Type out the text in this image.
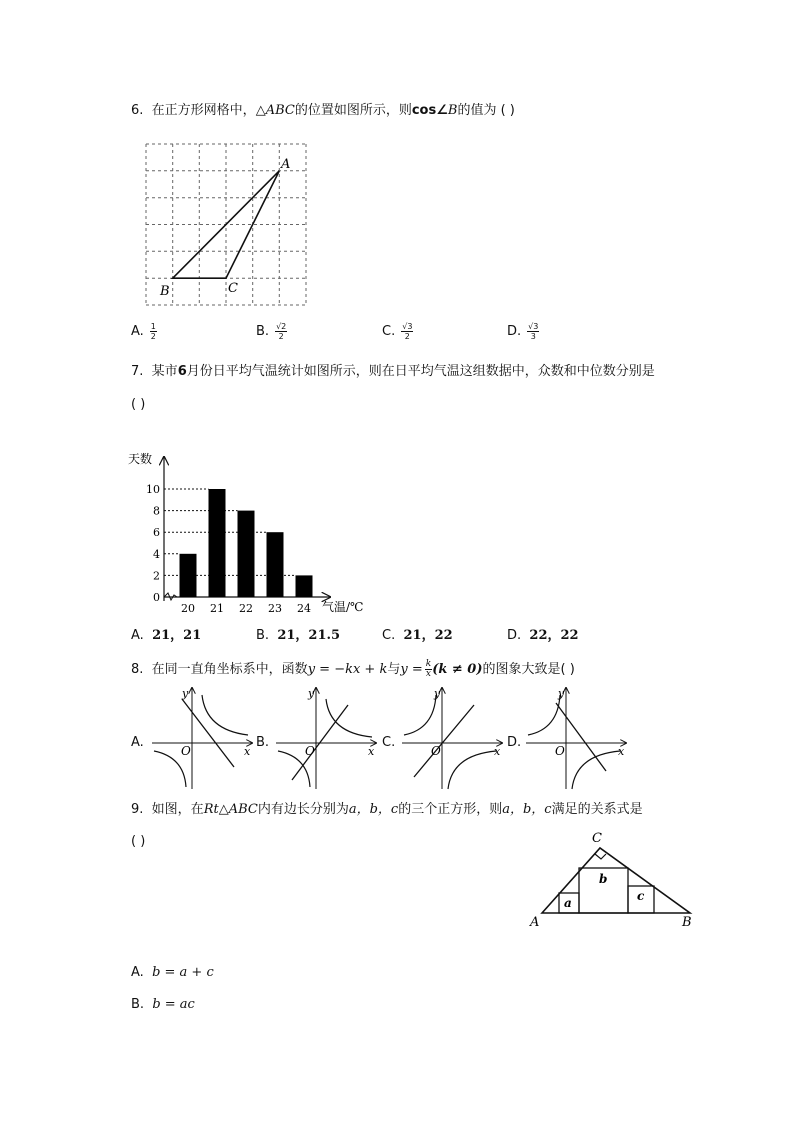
6. 在正方形网格中，△ABC的位置如图所示，则cos∠B的值为 ( )
A
B	C
A. $\frac{1}{2}$	B. $\frac{√2}{2}$	C. $\frac{√3}{2}$	D. $\frac{√3}{3}$
7. 某市6月份日平均气温统计如图所示，则在日平均气温这组数据中，众数和中位数分别是
( )
0
2
4
6
8
10
20 21 22 23 24
天数
气温/℃
A. 21，21	B. 21，21.5	C. 21，22	D. 22，22
8. 在同一直角坐标系中，函数y = −kx + k与$y = \frac{k}{x} (k \ne 0)$的图象大致是( )
A.	B.	C.	D.
y
x
O
y
x
O
y
x
O
y
x
O
9. 如图，在Rt△ABC内有边长分别为a，b，c的三个正方形，则a，b，c满足的关系式是
( )
a
b
c
C
A	B
A. b = a + c
B. b = ac
